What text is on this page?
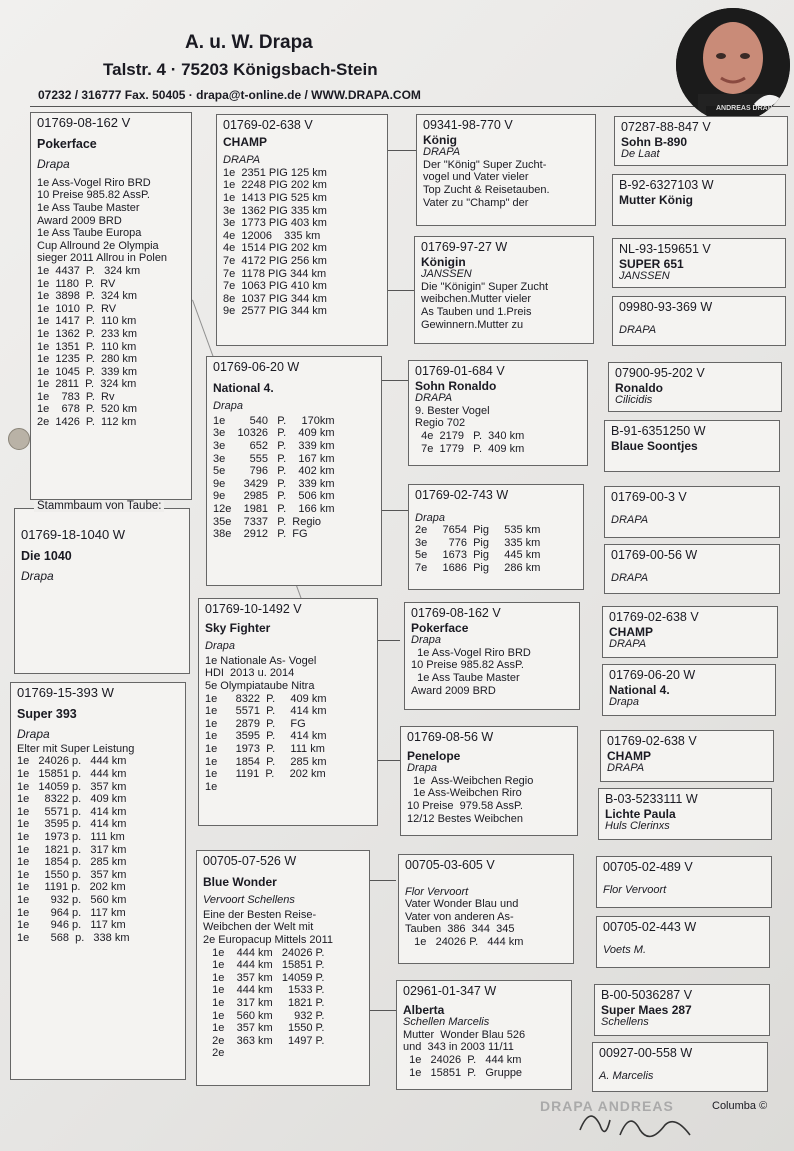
A. u. W. Drapa
Talstr. 4 · 75203 Königsbach-Stein
07232 / 316777 Fax. 50405 · drapa@t-online.de / WWW.DRAPA.COM
ANDREAS DRAPA
01769-08-162 V
Pokerface
Drapa
1e Ass-Vogel Riro BRD
10 Preise 985.82 AssP.
1e Ass Taube Master
Award 2009 BRD
1e Ass Taube Europa
Cup Allround 2e Olympia
sieger 2011 Allrou in Polen
1e  4437  P.   324 km
1e  1180  P.  RV
1e  3898  P.  324 km
1e  1010  P.  RV
1e  1417  P.  110 km
1e  1362  P.  233 km
1e  1351  P.  110 km
1e  1235  P.  280 km
1e  1045  P.  339 km
1e  2811  P.  324 km
1e    783  P.  Rv
1e    678  P.  520 km
2e  1426  P.  112 km
01769-18-1040 W
Die 1040
Drapa
Stammbaum von Taube:
01769-15-393 W
Super 393
Drapa
Elter mit Super Leistung
1e   24026 p.   444 km
1e   15851 p.   444 km
1e   14059 p.   357 km
1e     8322 p.   409 km
1e     5571 p.   414 km
1e     3595 p.   414 km
1e     1973 p.   111 km
1e     1821 p.   317 km
1e     1854 p.   285 km
1e     1550 p.   357 km
1e     1191 p.   202 km
1e       932 p.   560 km
1e       964 p.   117 km
1e       946 p.   117 km
1e       568  p.   338 km
01769-02-638 V
CHAMP
DRAPA
1e  2351 PIG 125 km
1e  2248 PIG 202 km
1e  1413 PIG 525 km
3e  1362 PIG 335 km
3e  1773 PIG 403 km
4e  12006    335 km
4e  1514 PIG 202 km
7e  4172 PIG 256 km
7e  1178 PIG 344 km
7e  1063 PIG 410 km
8e  1037 PIG 344 km
9e  2577 PIG 344 km
01769-06-20 W
National 4.
Drapa
1e        540   P.     170km
3e    10326   P.    409 km
3e        652   P.    339 km
3e        555   P.    167 km
5e        796   P.    402 km
9e      3429   P.    339 km
9e      2985   P.    506 km
12e    1981   P.    166 km
35e    7337   P.  Regio
38e    2912   P.  FG
01769-10-1492 V
Sky Fighter
Drapa
1e Nationale As- Vogel
HDI  2013 u. 2014
5e Olympiataube Nitra
1e      8322  P.     409 km
1e      5571  P.     414 km
1e      2879  P.     FG
1e      3595  P.     414 km
1e      1973  P.     111 km
1e      1854  P.     285 km
1e      1191  P.     202 km
1e
00705-07-526 W
Blue Wonder
Vervoort Schellens
Eine der Besten Reise-
Weibchen der Welt mit
2e Europacup Mittels 2011
1e    444 km   24026 P.
1e    444 km   15851 P.
1e    357 km   14059 P.
1e    444 km     1533 P.
1e    317 km     1821 P.
1e    560 km       932 P.
1e    357 km     1550 P.
2e    363 km     1497 P.
2e
09341-98-770 V
König
DRAPA
Der "König" Super Zucht-
vogel und Vater vieler
Top Zucht & Reisetauben.
Vater zu "Champ" der
01769-97-27 W
Königin
JANSSEN
Die "Königin" Super Zucht
weibchen.Mutter vieler
As Tauben und 1.Preis
Gewinnern.Mutter zu
01769-01-684 V
Sohn Ronaldo
DRAPA
9. Bester Vogel
Regio 702
4e  2179   P.  340 km
7e  1779   P.  409 km
01769-02-743 W
Drapa
2e     7654  Pig     535 km
3e       776  Pig     335 km
5e     1673  Pig     445 km
7e     1686  Pig     286 km
01769-08-162 V
Pokerface
Drapa
1e Ass-Vogel Riro BRD
10 Preise 985.82 AssP.
1e Ass Taube Master
Award 2009 BRD
01769-08-56 W
Penelope
Drapa
1e  Ass-Weibchen Regio
1e Ass-Weibchen Riro
10 Preise  979.58 AssP.
12/12 Bestes Weibchen
00705-03-605 V
Flor Vervoort
Vater Wonder Blau und
Vater von anderen As-
Tauben  386  344  345
1e   24026 P.   444 km
02961-01-347 W
Alberta
Schellen Marcelis
Mutter  Wonder Blau 526
und  343 in 2003 11/11
1e   24026  P.   444 km
1e   15851  P.   Gruppe
07287-88-847 V
Sohn B-890
De Laat
B-92-6327103 W
Mutter König
NL-93-159651 V
SUPER 651
JANSSEN
09980-93-369 W
DRAPA
07900-95-202 V
Ronaldo
Cilicidis
B-91-6351250 W
Blaue Soontjes
01769-00-3 V
DRAPA
01769-00-56 W
DRAPA
01769-02-638 V
CHAMP
DRAPA
01769-06-20 W
National 4.
Drapa
01769-02-638 V
CHAMP
DRAPA
B-03-5233111 W
Lichte Paula
Huls Clerinxs
00705-02-489 V
Flor Vervoort
00705-02-443 W
Voets M.
B-00-5036287 V
Super Maes 287
Schellens
00927-00-558 W
A. Marcelis
DRAPA ANDREAS	Columba ©
